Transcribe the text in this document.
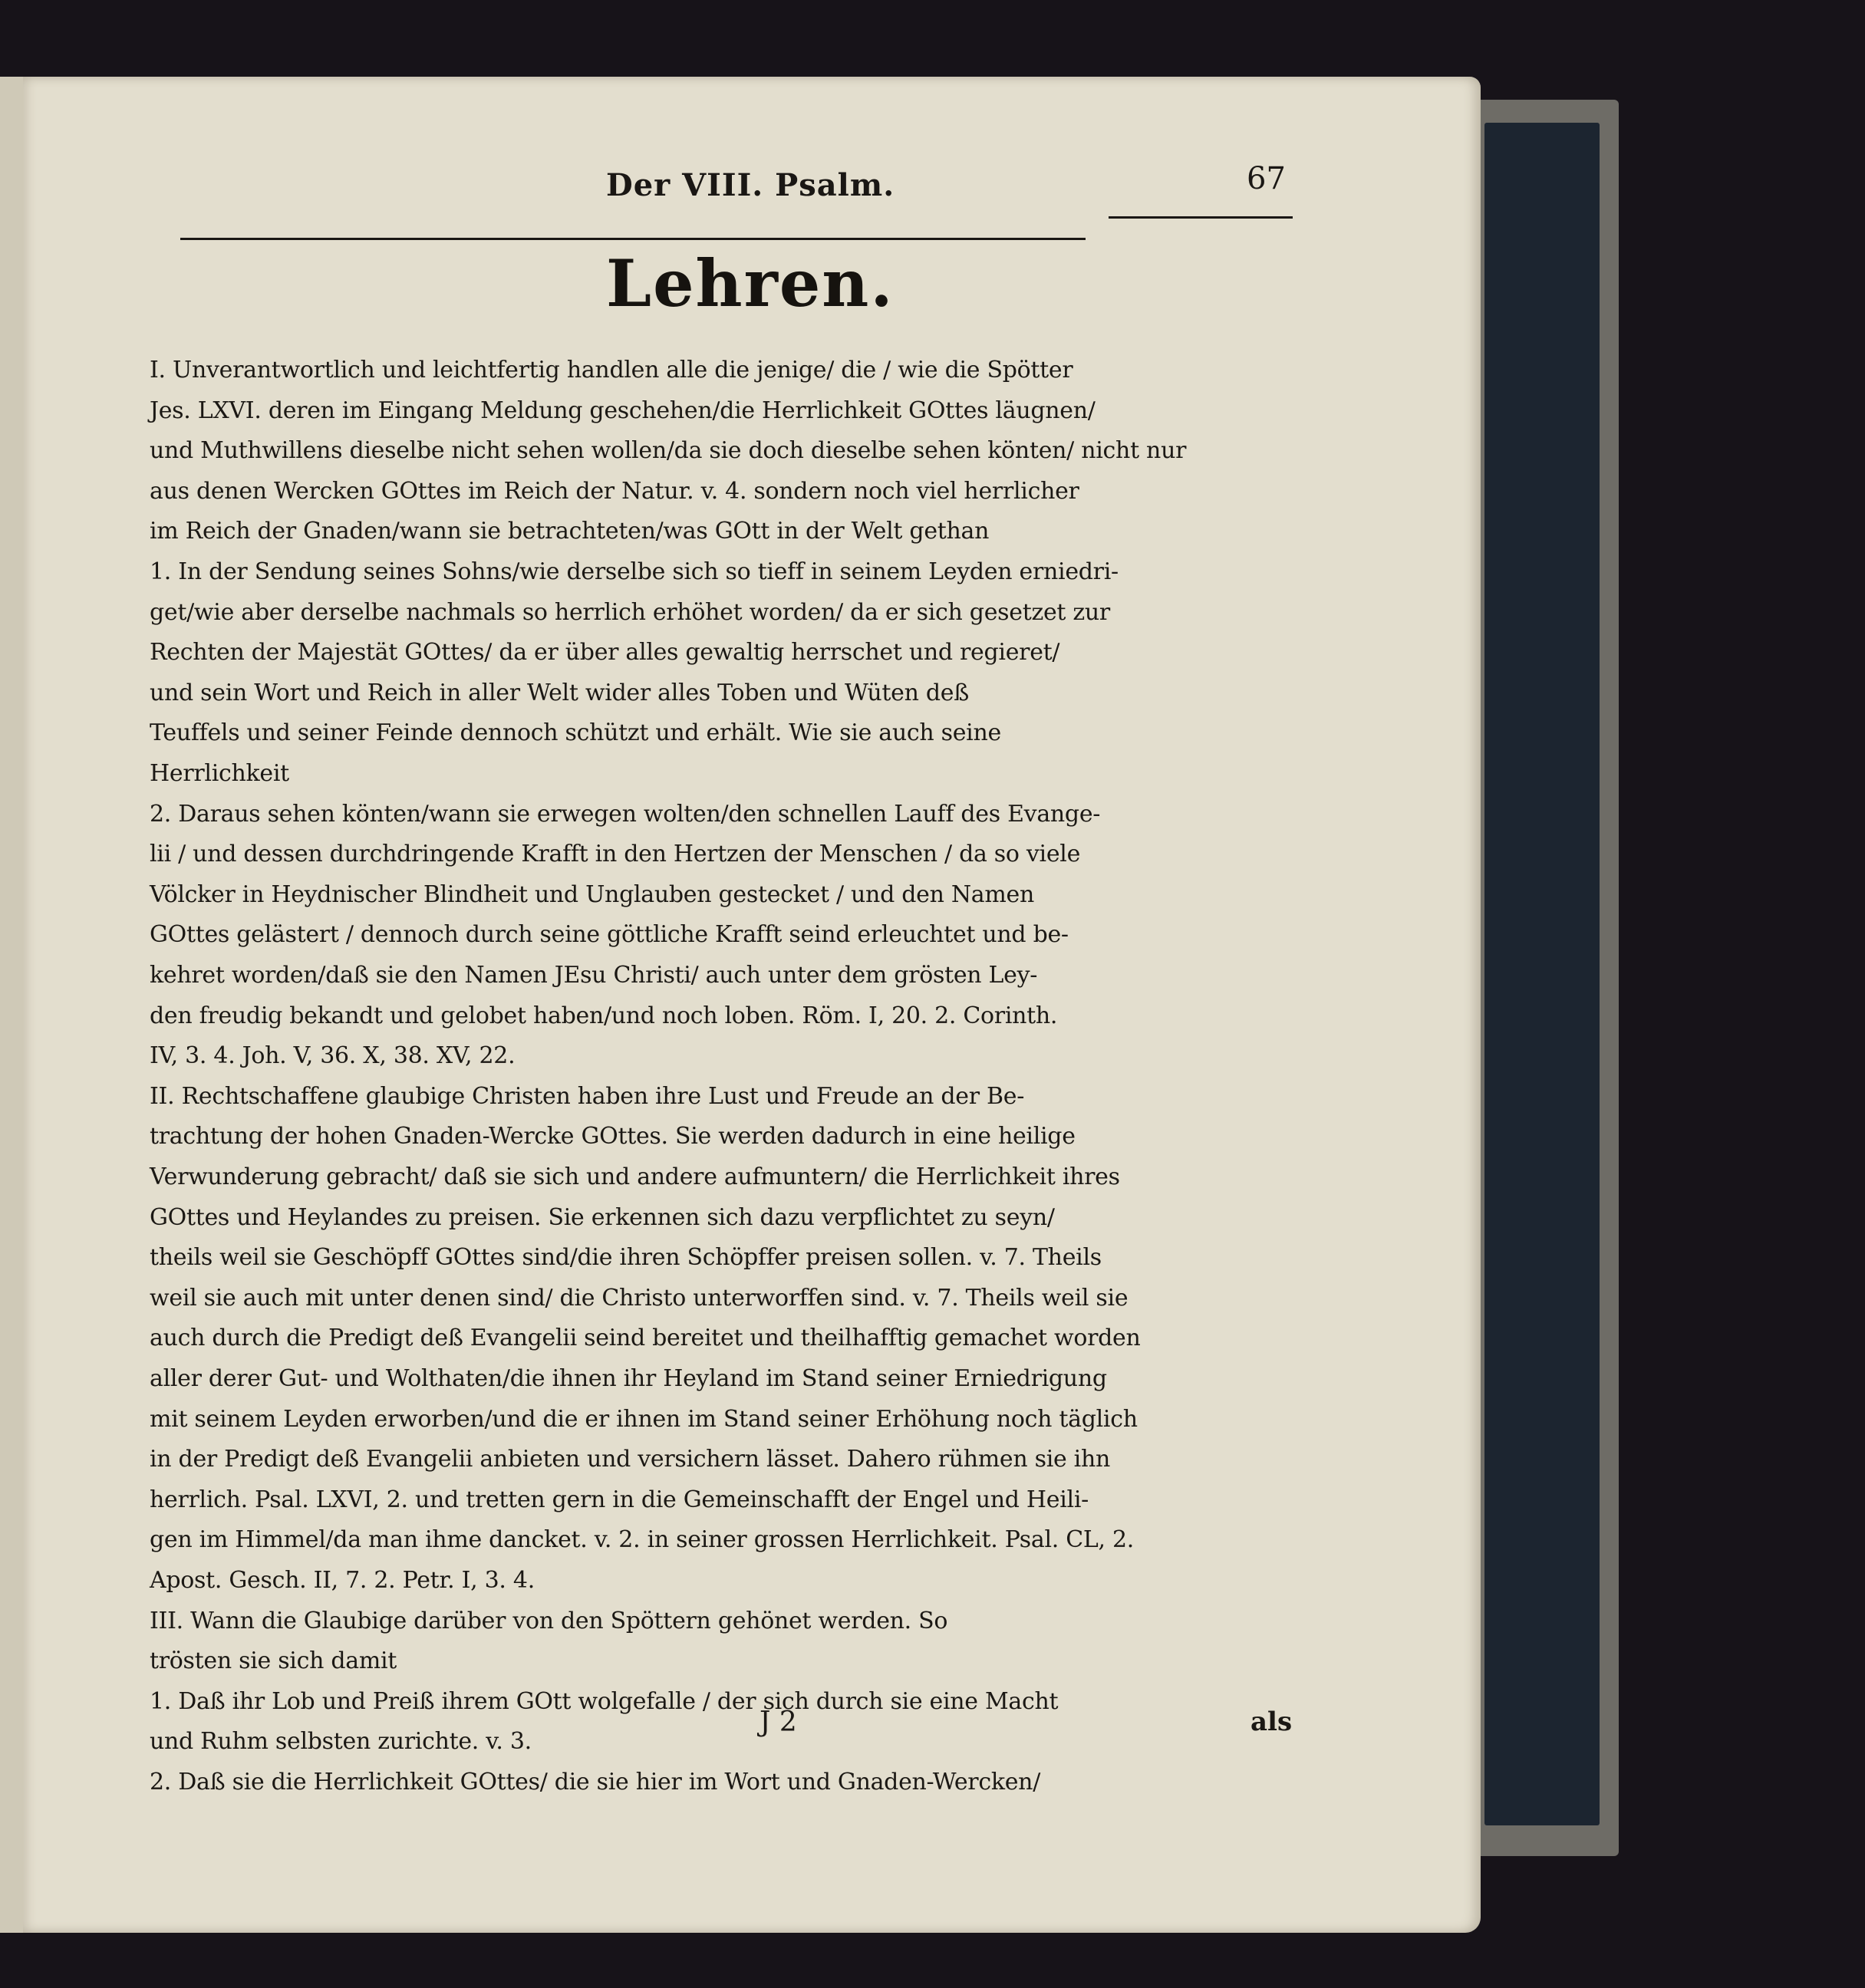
Der VIII. Psalm.	67
Lehren.
I. Unverantwortlich und leichtfertig handlen alle die jenige/ die / wie die Spötter
Jes. LXVI. deren im Eingang Meldung geschehen/die Herrlichkeit GOttes läugnen/
und Muthwillens dieselbe nicht sehen wollen/da sie doch dieselbe sehen könten/ nicht nur
aus denen Wercken GOttes im Reich der Natur. v. 4. sondern noch viel herrlicher
im Reich der Gnaden/wann sie betrachteten/was GOtt in der Welt gethan
1. In der Sendung seines Sohns/wie derselbe sich so tieff in seinem Leyden erniedri-
get/wie aber derselbe nachmals so herrlich erhöhet worden/ da er sich gesetzet zur
Rechten der Majestät GOttes/ da er über alles gewaltig herrschet und regieret/
und sein Wort und Reich in aller Welt wider alles Toben und Wüten deß
Teuffels und seiner Feinde dennoch schützt und erhält. Wie sie auch seine
Herrlichkeit
2. Daraus sehen könten/wann sie erwegen wolten/den schnellen Lauff des Evange-
lii / und dessen durchdringende Krafft in den Hertzen der Menschen / da so viele
Völcker in Heydnischer Blindheit und Unglauben gestecket / und den Namen
GOttes gelästert / dennoch durch seine göttliche Krafft seind erleuchtet und be-
kehret worden/daß sie den Namen JEsu Christi/ auch unter dem grösten Ley-
den freudig bekandt und gelobet haben/und noch loben. Röm. I, 20. 2. Corinth.
IV, 3. 4. Joh. V, 36. X, 38. XV, 22.
II. Rechtschaffene glaubige Christen haben ihre Lust und Freude an der Be-
trachtung der hohen Gnaden-Wercke GOttes. Sie werden dadurch in eine heilige
Verwunderung gebracht/ daß sie sich und andere aufmuntern/ die Herrlichkeit ihres
GOttes und Heylandes zu preisen. Sie erkennen sich dazu verpflichtet zu seyn/
theils weil sie Geschöpff GOttes sind/die ihren Schöpffer preisen sollen. v. 7. Theils
weil sie auch mit unter denen sind/ die Christo unterworffen sind. v. 7. Theils weil sie
auch durch die Predigt deß Evangelii seind bereitet und theilhafftig gemachet worden
aller derer Gut- und Wolthaten/die ihnen ihr Heyland im Stand seiner Erniedrigung
mit seinem Leyden erworben/und die er ihnen im Stand seiner Erhöhung noch täglich
in der Predigt deß Evangelii anbieten und versichern lässet. Dahero rühmen sie ihn
herrlich. Psal. LXVI, 2. und tretten gern in die Gemeinschafft der Engel und Heili-
gen im Himmel/da man ihme dancket. v. 2. in seiner grossen Herrlichkeit. Psal. CL, 2.
Apost. Gesch. II, 7. 2. Petr. I, 3. 4.
III. Wann die Glaubige darüber von den Spöttern gehönet werden. So
trösten sie sich damit
1. Daß ihr Lob und Preiß ihrem GOtt wolgefalle / der sich durch sie eine Macht
und Ruhm selbsten zurichte. v. 3.
2. Daß sie die Herrlichkeit GOttes/ die sie hier im Wort und Gnaden-Wercken/
J 2	als
